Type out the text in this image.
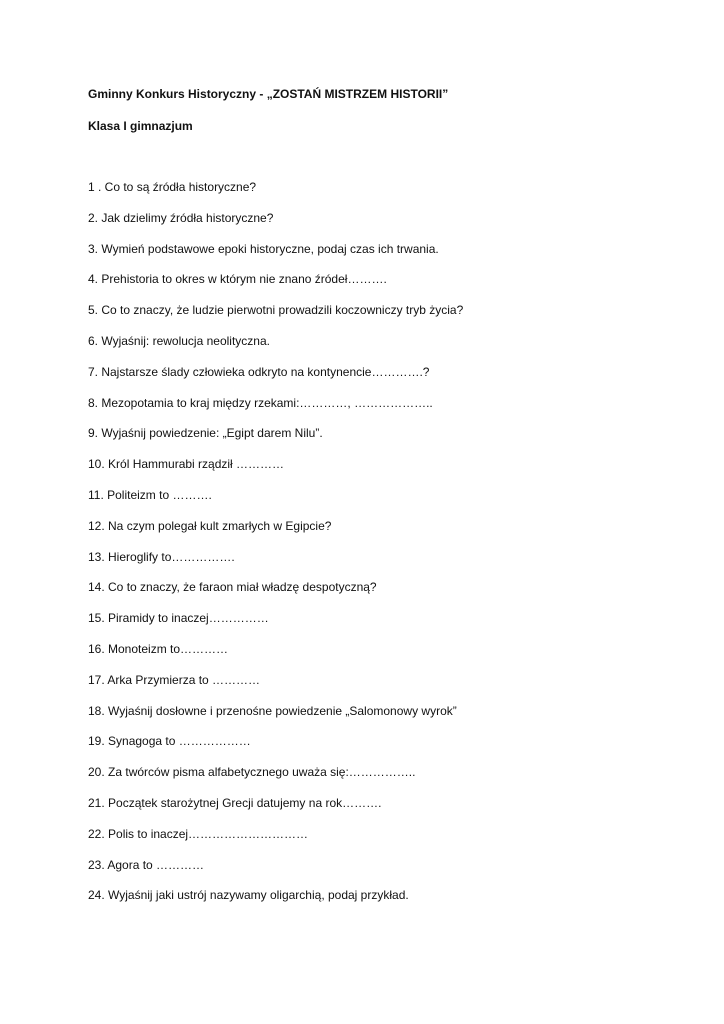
Gminny Konkurs Historyczny - „ZOSTAŃ MISTRZEM HISTORII”
Klasa I gimnazjum
1 . Co to są źródła historyczne?
2. Jak dzielimy źródła historyczne?
3. Wymień podstawowe epoki historyczne, podaj czas ich trwania.
4. Prehistoria to okres w którym nie znano źródeł……….
5. Co to znaczy, że ludzie pierwotni prowadzili koczowniczy tryb życia?
6. Wyjaśnij: rewolucja neolityczna.
7. Najstarsze ślady człowieka odkryto na kontynencie………….?
8. Mezopotamia to kraj między rzekami:…………, ………………..
9. Wyjaśnij powiedzenie: „Egipt darem Nilu”.
10. Król Hammurabi rządził …………
11. Politeizm to ……….
12. Na czym polegał kult zmarłych w Egipcie?
13. Hieroglify to…………….
14. Co to znaczy, że faraon miał władzę despotyczną?
15. Piramidy to inaczej……………
16. Monoteizm to…………
17. Arka Przymierza to …………
18. Wyjaśnij dosłowne i przenośne powiedzenie „Salomonowy wyrok”
19. Synagoga to ………………
20. Za twórców pisma alfabetycznego uważa się:……………..
21. Początek starożytnej Grecji datujemy na rok……….
22. Polis to inaczej…………………………
23. Agora to …………
24. Wyjaśnij jaki ustrój nazywamy oligarchią, podaj przykład.
